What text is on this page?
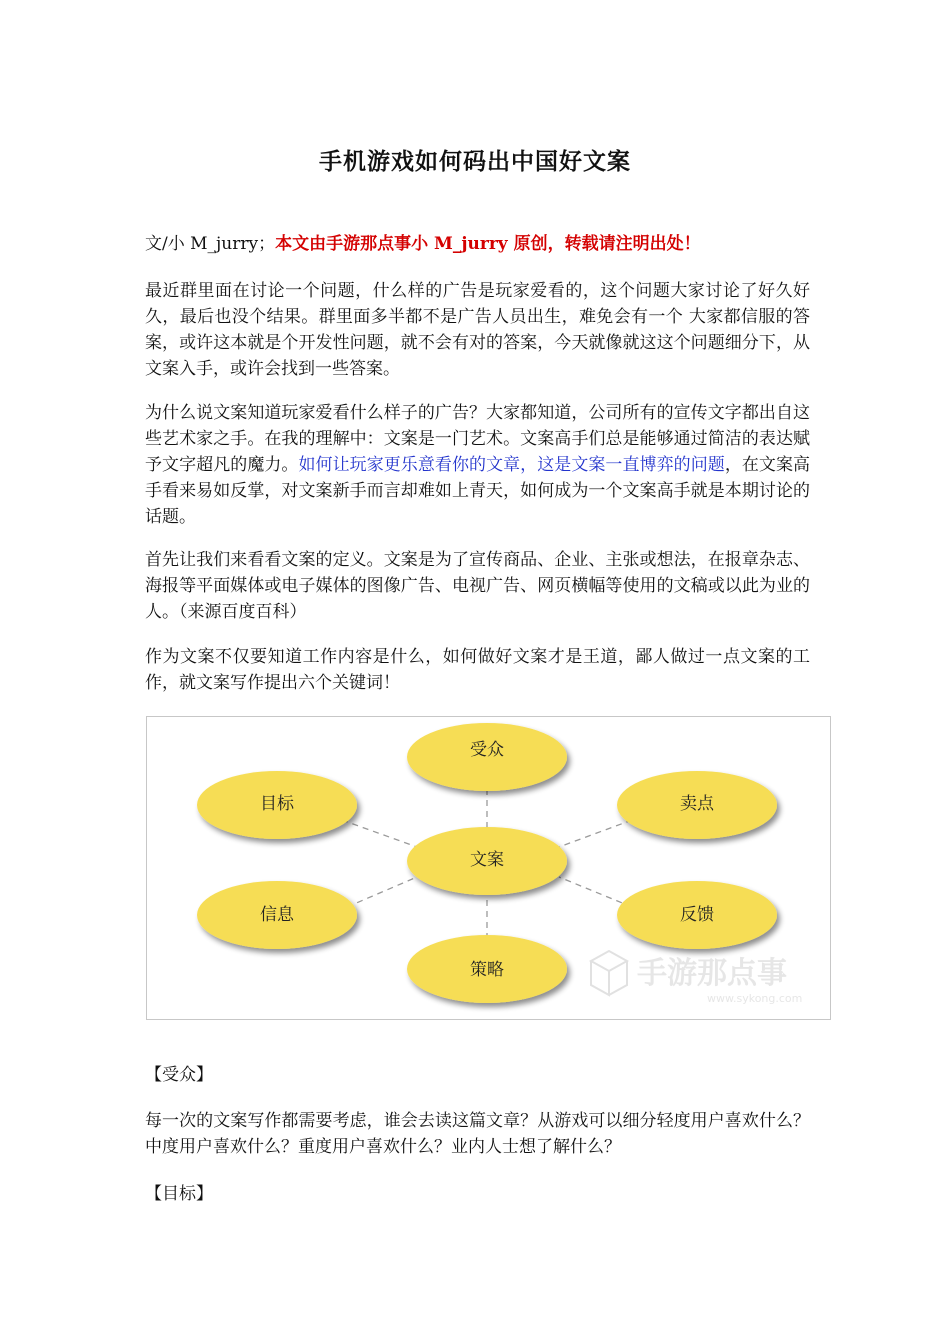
手机游戏如何码出中国好文案
文/小 M_jurry；本文由手游那点事小 M_jurry 原创，转载请注明出处！

最近群里面在讨论一个问题，什么样的广告是玩家爱看的，这个问题大家讨论了好久好久，最后也没个结果。群里面多半都不是广告人员出生，难免会有一个 大家都信服的答案，或许这本就是个开发性问题，就不会有对的答案，今天就像就这这个问题细分下，从文案入手，或许会找到一些答案。

为什么说文案知道玩家爱看什么样子的广告？大家都知道，公司所有的宣传文字都出自这些艺术家之手。在我的理解中：文案是一门艺术。文案高手们总是能够通过简洁的表达赋予文字超凡的魔力。如何让玩家更乐意看你的文章，这是文案一直博弈的问题，在文案高手看来易如反掌，对文案新手而言却难如上青天，如何成为一个文案高手就是本期讨论的话题。

首先让我们来看看文案的定义。文案是为了宣传商品、企业、主张或想法，在报章杂志、海报等平面媒体或电子媒体的图像广告、电视广告、网页横幅等使用的文稿或以此为业的人。（来源百度百科）

作为文案不仅要知道工作内容是什么，如何做好文案才是王道，鄙人做过一点文案的工作，就文案写作提出六个关键词！

手游那点事
www.sykong.com
受众
目标	卖点
文案
信息	反馈
策略
【受众】

每一次的文案写作都需要考虑，谁会去读这篇文章？从游戏可以细分轻度用户喜欢什么？中度用户喜欢什么？重度用户喜欢什么？业内人士想了解什么？

【目标】
